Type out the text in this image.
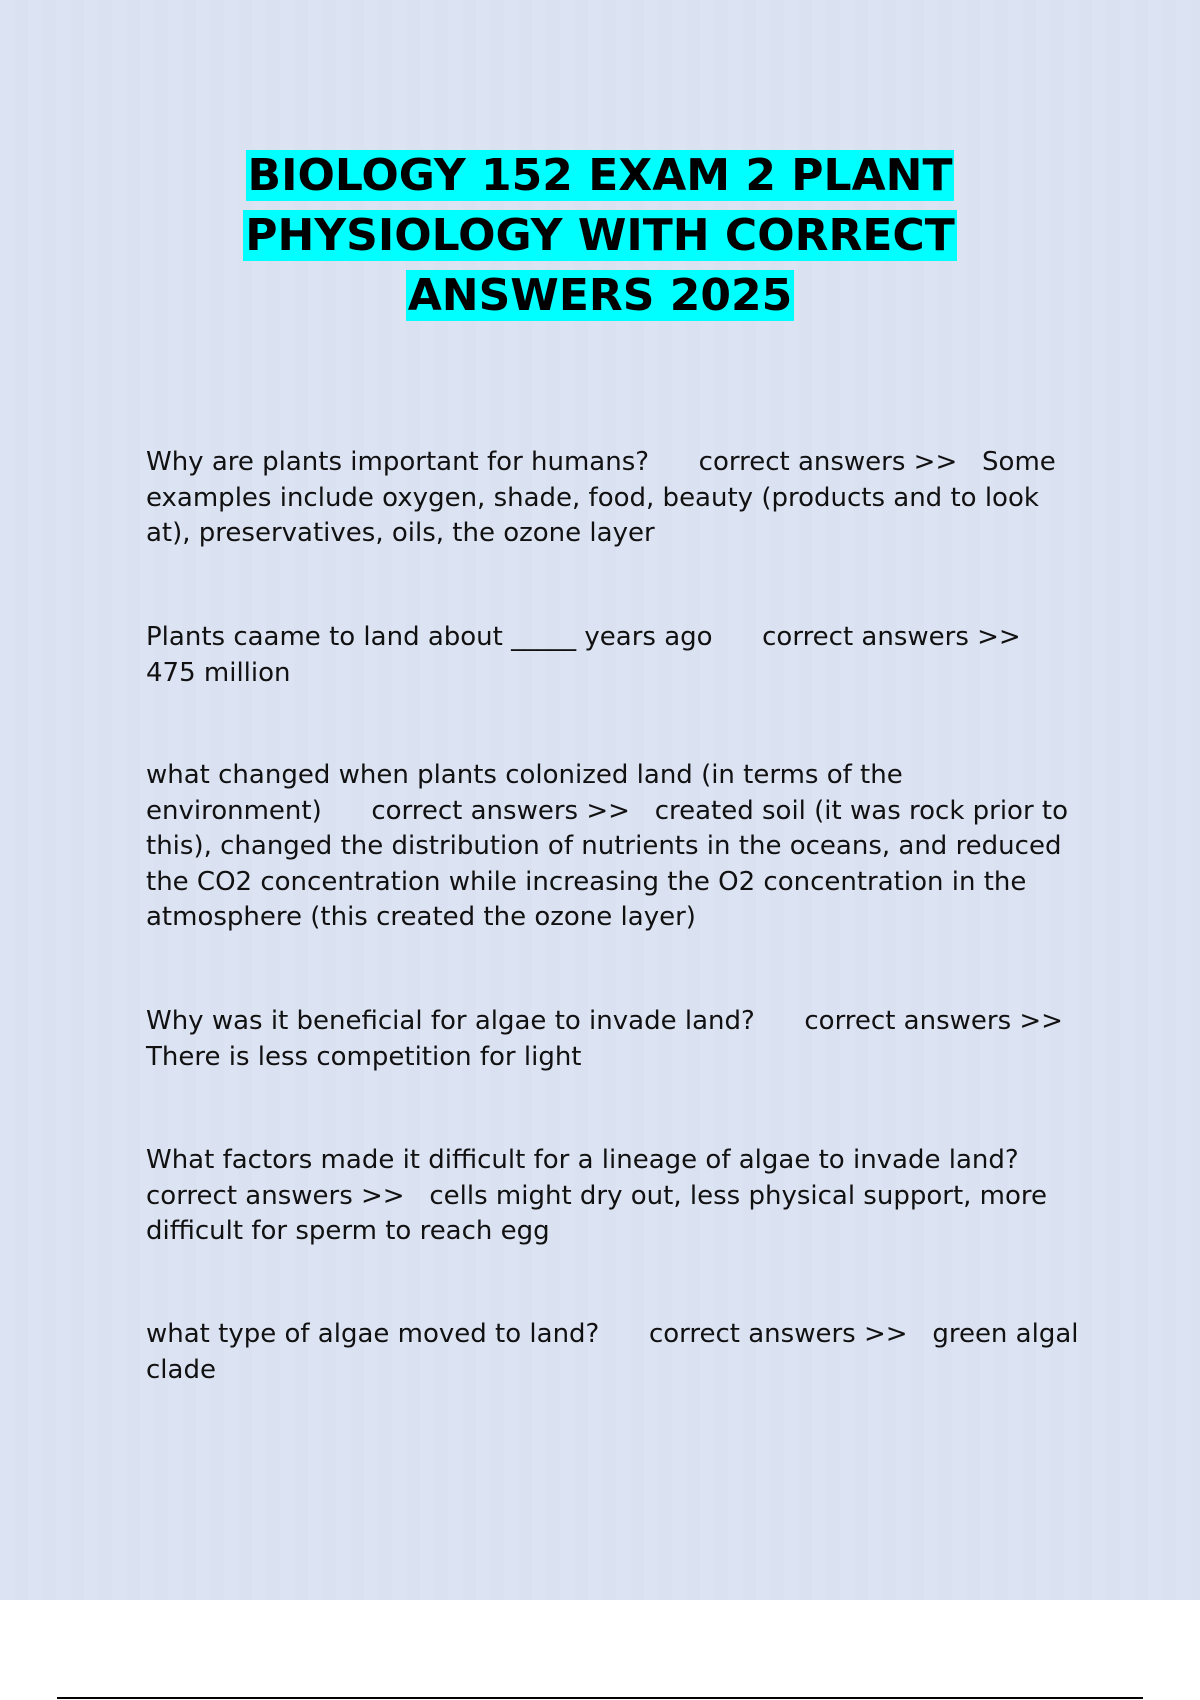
BIOLOGY 152 EXAM 2 PLANT
PHYSIOLOGY WITH CORRECT
ANSWERS 2025

Why are plants important for humans?      correct answers >>   Some examples include oxygen, shade, food, beauty (products and to look at), preservatives, oils, the ozone layer

Plants caame to land about _____ years ago      correct answers >>   475 million

what changed when plants colonized land (in terms of the environment)      correct answers >>   created soil (it was rock prior to this), changed the distribution of nutrients in the oceans, and reduced the CO2 concentration while increasing the O2 concentration in the atmosphere (this created the ozone layer)

Why was it beneficial for algae to invade land?      correct answers >>   There is less competition for light

What factors made it difficult for a lineage of algae to invade land?      correct answers >>   cells might dry out, less physical support, more difficult for sperm to reach egg

what type of algae moved to land?      correct answers >>   green algal clade
